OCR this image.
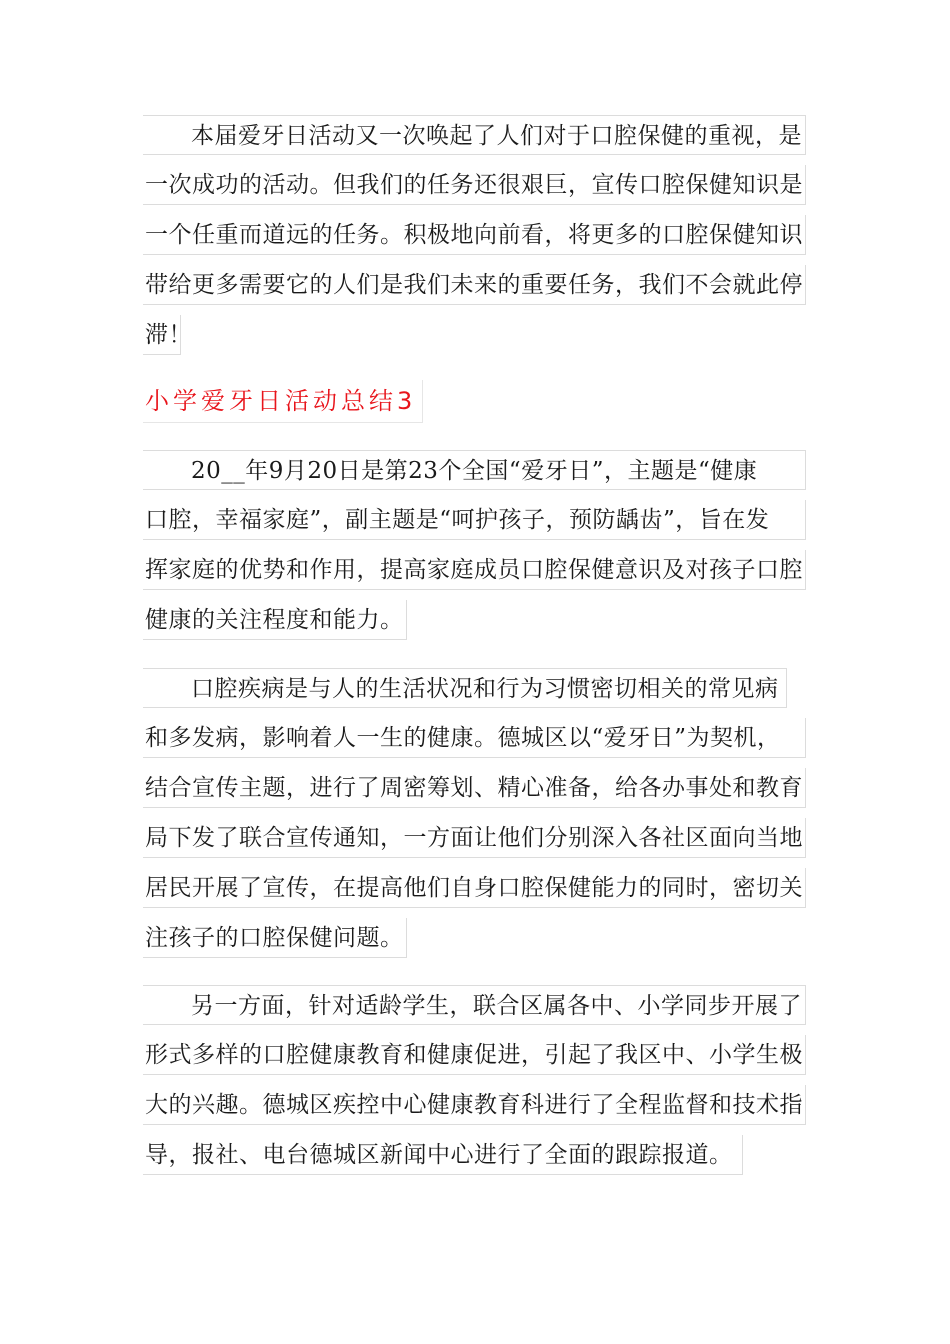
本届爱牙日活动又一次唤起了人们对于口腔保健的重视，是
一次成功的活动。但我们的任务还很艰巨，宣传口腔保健知识是
一个任重而道远的任务。积极地向前看，将更多的口腔保健知识
带给更多需要它的人们是我们未来的重要任务，我们不会就此停
滞！
小学爱牙日活动总结3
20__年9月20日是第23个全国“爱牙日”，主题是“健康
口腔，幸福家庭”，副主题是“呵护孩子，预防龋齿”，旨在发
挥家庭的优势和作用，提高家庭成员口腔保健意识及对孩子口腔
健康的关注程度和能力。
口腔疾病是与人的生活状况和行为习惯密切相关的常见病
和多发病，影响着人一生的健康。德城区以“爱牙日”为契机，
结合宣传主题，进行了周密筹划、精心准备，给各办事处和教育
局下发了联合宣传通知，一方面让他们分别深入各社区面向当地
居民开展了宣传，在提高他们自身口腔保健能力的同时，密切关
注孩子的口腔保健问题。
另一方面，针对适龄学生，联合区属各中、小学同步开展了
形式多样的口腔健康教育和健康促进，引起了我区中、小学生极
大的兴趣。德城区疾控中心健康教育科进行了全程监督和技术指
导，报社、电台德城区新闻中心进行了全面的跟踪报道。
